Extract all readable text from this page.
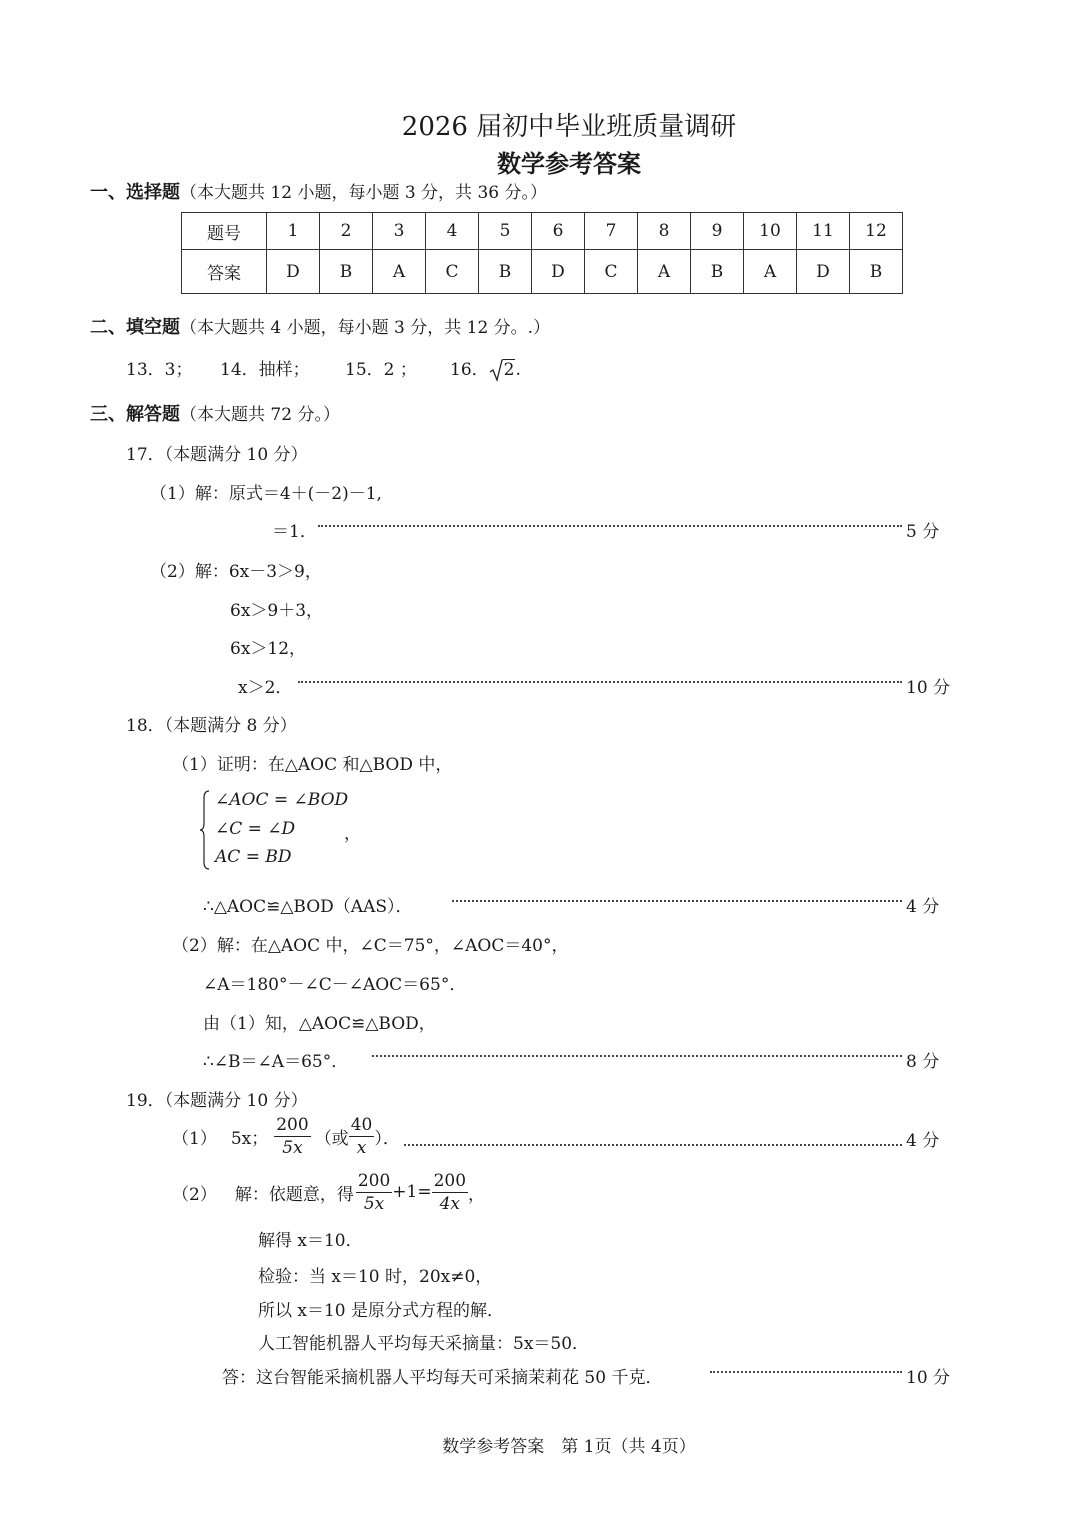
2026 届初中毕业班质量调研
数学参考答案
一、选择题（本大题共 12 小题，每小题 3 分，共 36 分。）
题号	1	2	3	4	5	6	7	8	9	10	11	12
答案	D	B	A	C	B	D	C	A	B	A	D	B
二、填空题（本大题共 4 小题，每小题 3 分，共 12 分。.）
13．3； 14．抽样； 15．2 ； 16． 2.
三、解答题（本大题共 72 分。）
17．（本题满分 10 分）
（1）解：原式＝4＋(－2)－1,
＝1．	5 分
（2）解：6x－3＞9，
6x＞9＋3，
6x＞12，
x＞2．	10 分
18．（本题满分 8 分）
（1）证明：在△AOC 和△BOD 中，
∠AOC = ∠BOD
∠C = ∠D	，
AC = BD
∴△AOC≌△BOD（AAS）．	4 分
（2）解：在△AOC 中，∠C＝75°，∠AOC＝40°，
∠A＝180°－∠C－∠AOC＝65°．
由（1）知，△AOC≌△BOD，
∴∠B＝∠A＝65°．	8 分
19．（本题满分 10 分）
（1） 5x； $\frac{200}{5x}$ （或 $\frac{40}{x}$ ）．	4 分
（2） 解：依题意，得 $\frac{200}{5x} +1= \frac{200}{4x}$ ，
解得 x＝10．
检验：当 x＝10 时，20x≠0，
所以 x＝10 是原分式方程的解．
人工智能机器人平均每天采摘量：5x＝50．
答：这台智能采摘机器人平均每天可采摘茉莉花 50 千克．	10 分
数学参考答案　第 1页（共 4页）
